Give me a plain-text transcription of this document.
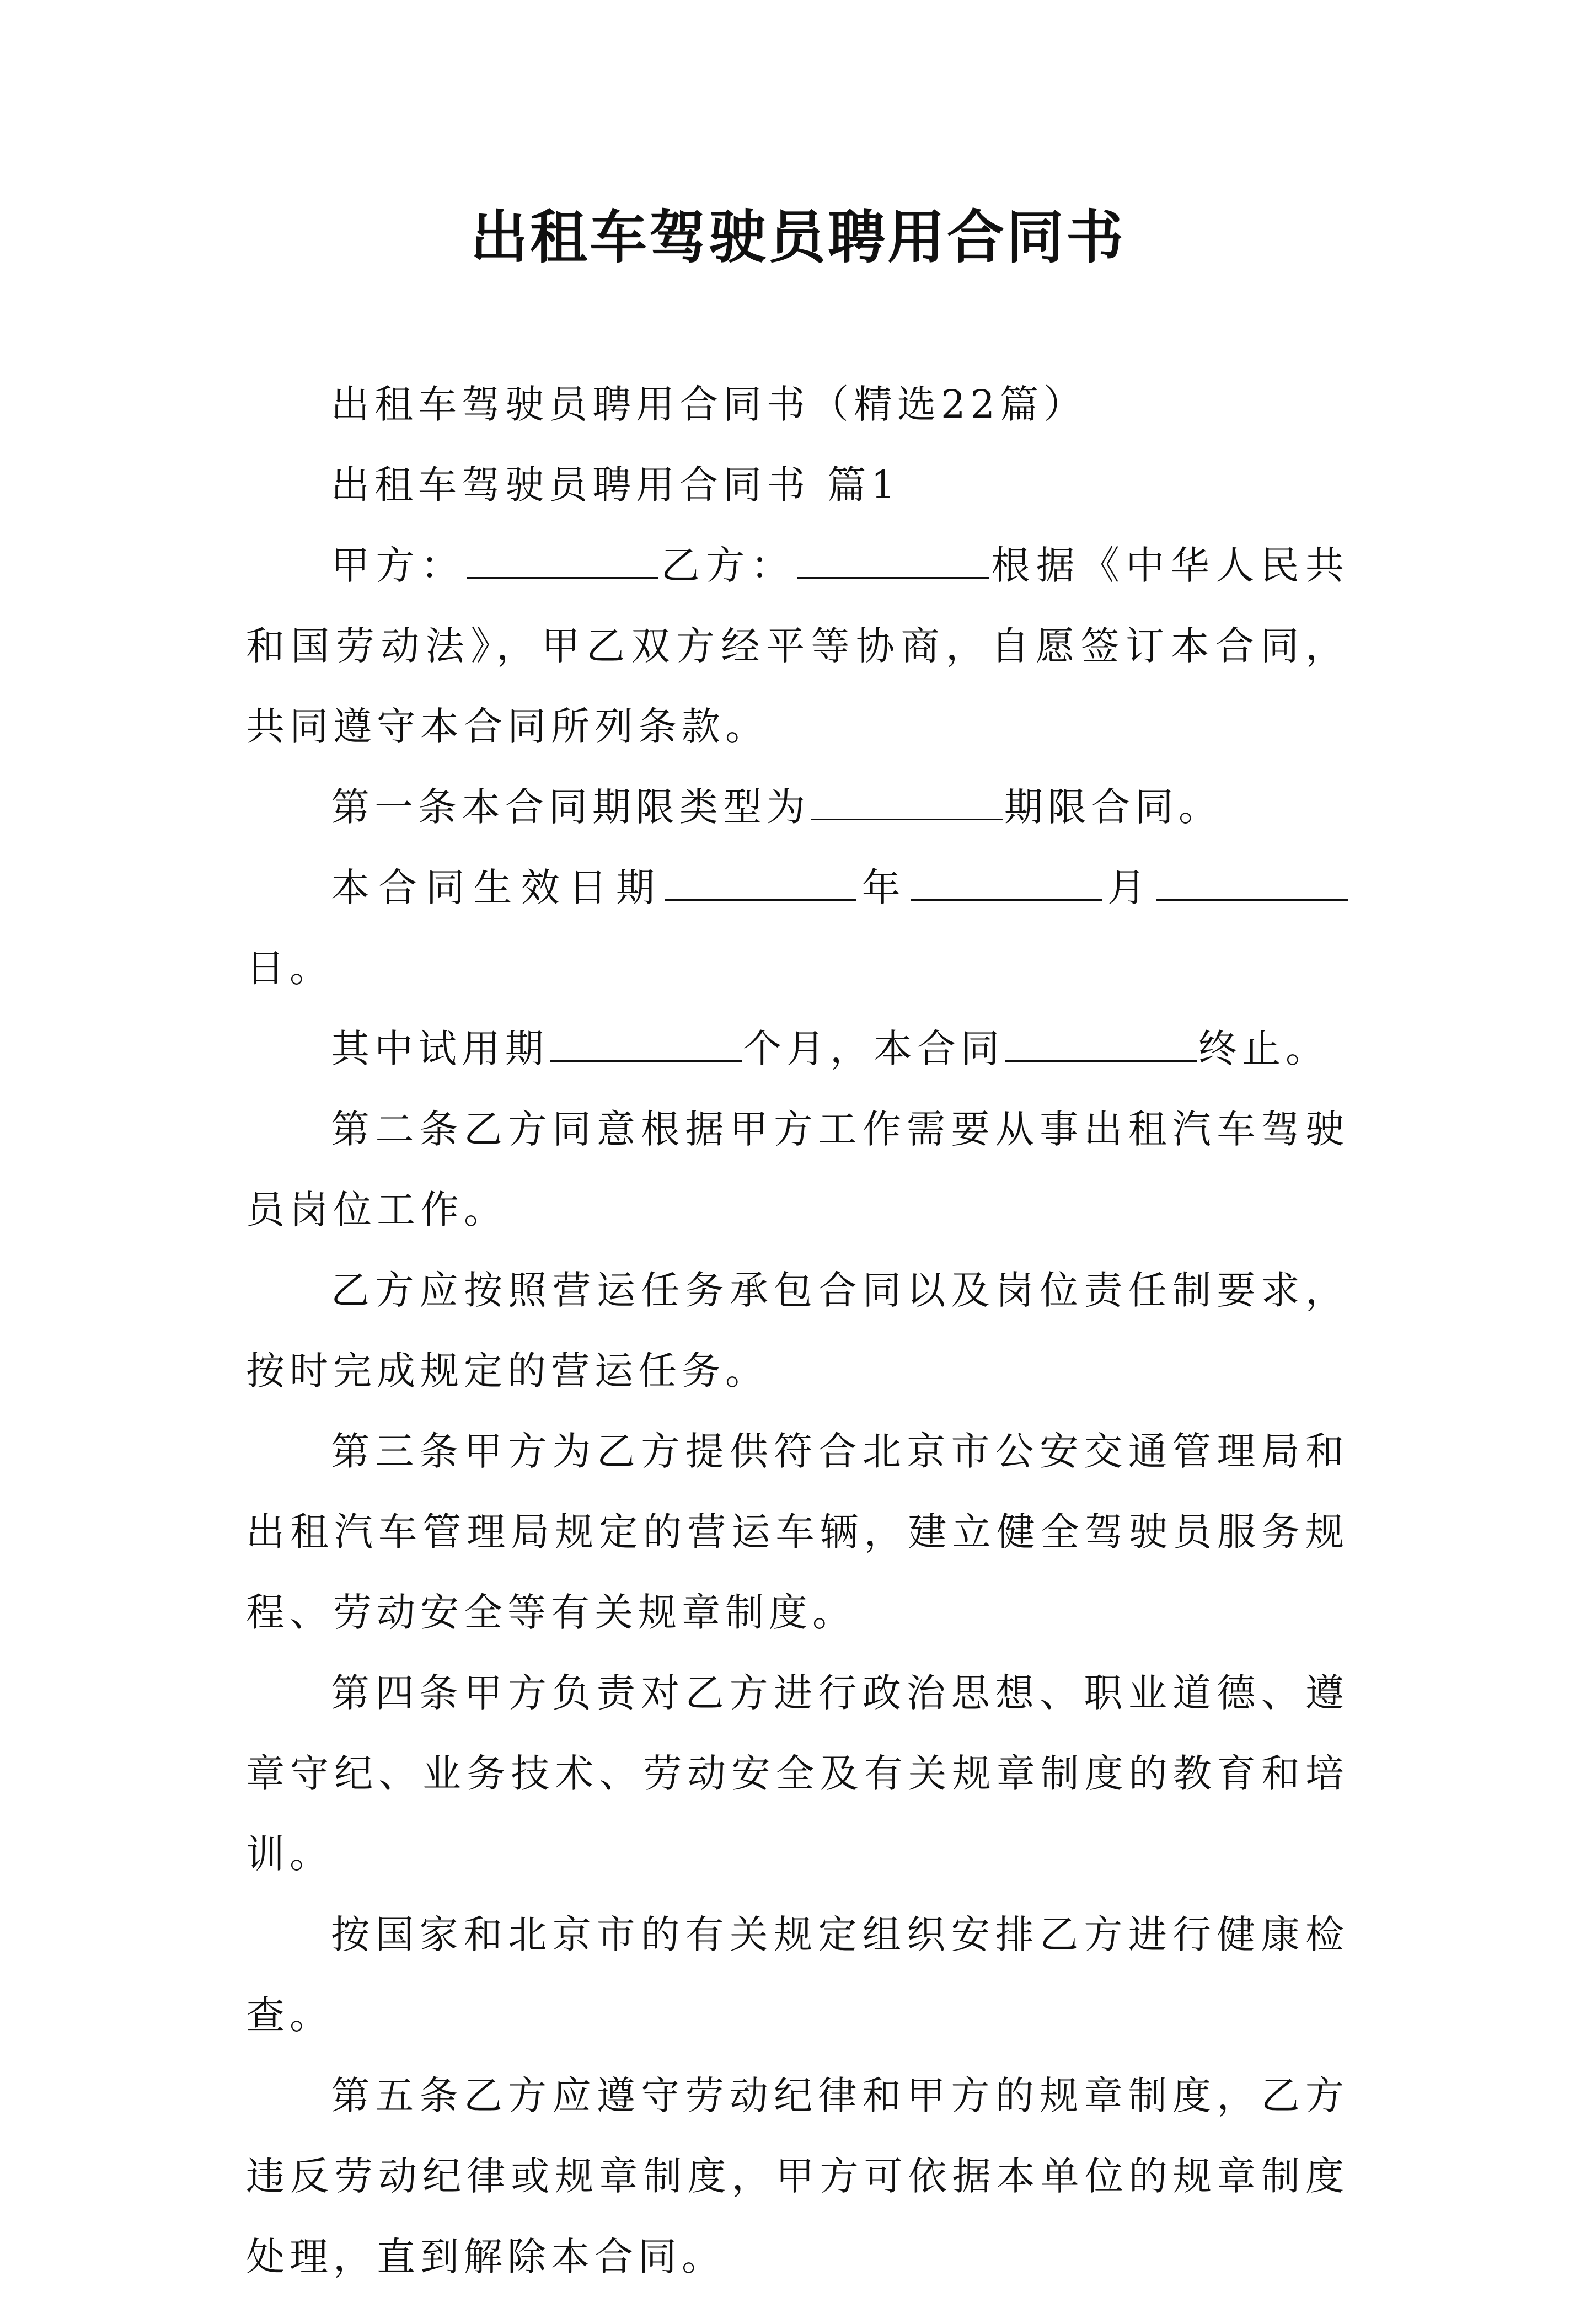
出租车驾驶员聘用合同书

出租车驾驶员聘用合同书（精选22篇）

出租车驾驶员聘用合同书 篇1

甲方：	乙方：	根据《中华人民共和国劳动法》，甲乙双方经平等协商，自愿签订本合同，共同遵守本合同所列条款。

第一条本合同期限类型为	期限合同。

本合同生效日期	年	月日。

其中试用期	个月，本合同	终止。

第二条乙方同意根据甲方工作需要从事出租汽车驾驶员岗位工作。

乙方应按照营运任务承包合同以及岗位责任制要求，按时完成规定的营运任务。

第三条甲方为乙方提供符合北京市公安交通管理局和出租汽车管理局规定的营运车辆，建立健全驾驶员服务规程、劳动安全等有关规章制度。

第四条甲方负责对乙方进行政治思想、职业道德、遵章守纪、业务技术、劳动安全及有关规章制度的教育和培训。

按国家和北京市的有关规定组织安排乙方进行健康检查。

第五条乙方应遵守劳动纪律和甲方的规章制度，乙方违反劳动纪律或规章制度，甲方可依据本单位的规章制度处理，直到解除本合同。
